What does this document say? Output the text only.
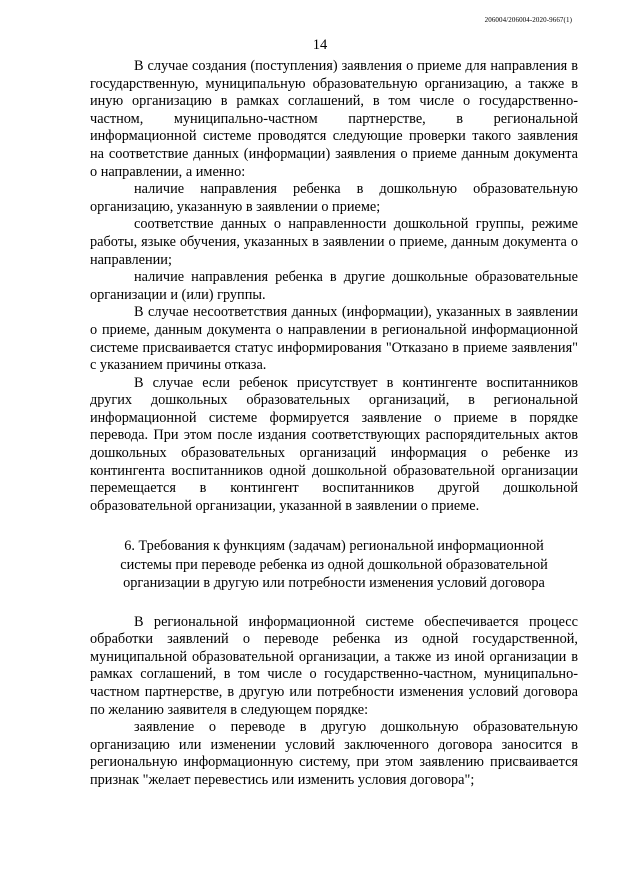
206004/206004-2020-9667(1)
14

В случае создания (поступления) заявления о приеме для направления в государственную, муниципальную образовательную организацию, а также в иную организацию в рамках соглашений, в том числе о государственно-частном, муниципально-частном партнерстве, в региональной информационной системе проводятся следующие проверки такого заявления на соответствие данных (информации) заявления о приеме данным документа о направлении, а именно:

наличие направления ребенка в дошкольную образовательную организацию, указанную в заявлении о приеме;

соответствие данных о направленности дошкольной группы, режиме работы, языке обучения, указанных в заявлении о приеме, данным документа о направлении;

наличие направления ребенка в другие дошкольные образовательные организации и (или) группы.

В случае несоответствия данных (информации), указанных в заявлении о приеме, данным документа о направлении в региональной информационной системе присваивается статус информирования "Отказано в приеме заявления" с указанием причины отказа.

В случае если ребенок присутствует в контингенте воспитанников других дошкольных образовательных организаций, в региональной информационной системе формируется заявление о приеме в порядке перевода. При этом после издания соответствующих распорядительных актов дошкольных образовательных организаций информация о ребенке из контингента воспитанников одной дошкольной образовательной организации перемещается в контингент воспитанников другой дошкольной образовательной организации, указанной в заявлении о приеме.

6. Требования к функциям (задачам) региональной информационной
системы при переводе ребенка из одной дошкольной образовательной
организации в другую или потребности изменения условий договора

В региональной информационной системе обеспечивается процесс обработки заявлений о переводе ребенка из одной государственной, муниципальной образовательной организации, а также из иной организации в рамках соглашений, в том числе о государственно-частном, муниципально-частном партнерстве, в другую или потребности изменения условий договора по желанию заявителя в следующем порядке:

заявление о переводе в другую дошкольную образовательную организацию или изменении условий заключенного договора заносится в региональную информационную систему, при этом заявлению присваивается признак "желает перевестись или изменить условия договора";
